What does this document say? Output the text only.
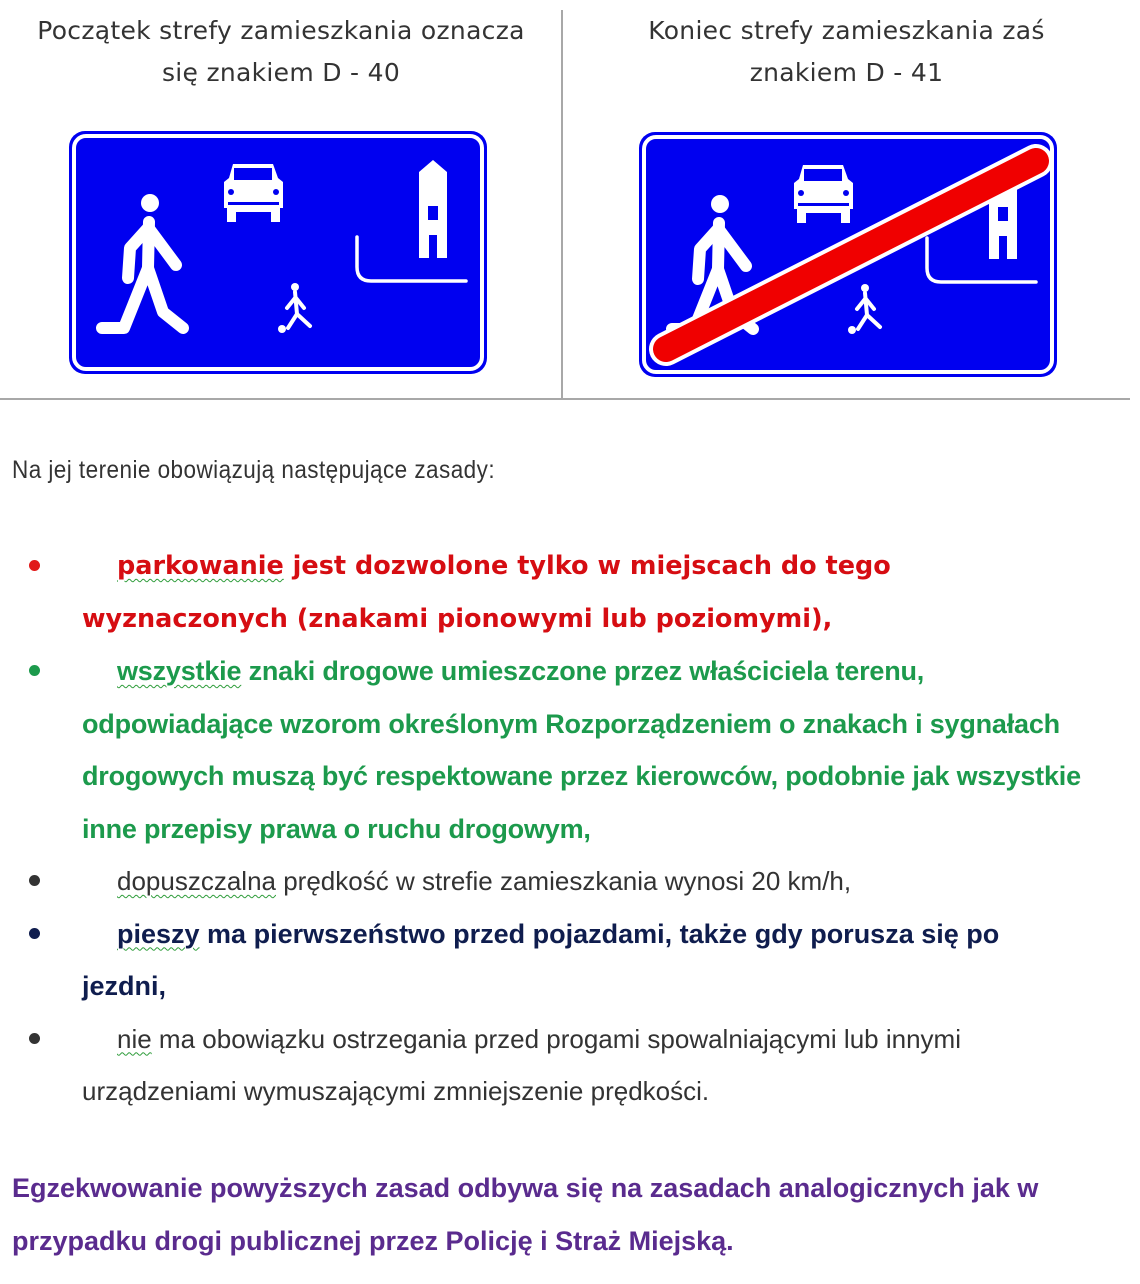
Początek strefy zamieszkania oznacza
się znakiem D - 40
Koniec strefy zamieszkania zaś
znakiem D - 41
Na jej terenie obowiązują następujące zasady:
parkowanie jest dozwolone tylko w miejscach do tego wyznaczonych (znakami pionowymi lub poziomymi),
wszystkie znaki drogowe umieszczone przez właściciela terenu, odpowiadające wzorom określonym Rozporządzeniem o znakach i sygnałach drogowych muszą być respektowane przez kierowców, podobnie jak wszystkie inne przepisy prawa o ruchu drogowym,
dopuszczalna prędkość w strefie zamieszkania wynosi 20 km/h,
pieszy ma pierwszeństwo przed pojazdami, także gdy porusza się po jezdni,
nie ma obowiązku ostrzegania przed progami spowalniającymi lub innymi urządzeniami wymuszającymi zmniejszenie prędkości.
Egzekwowanie powyższych zasad odbywa się na zasadach analogicznych jak w przypadku drogi publicznej przez Policję i Straż Miejską.
